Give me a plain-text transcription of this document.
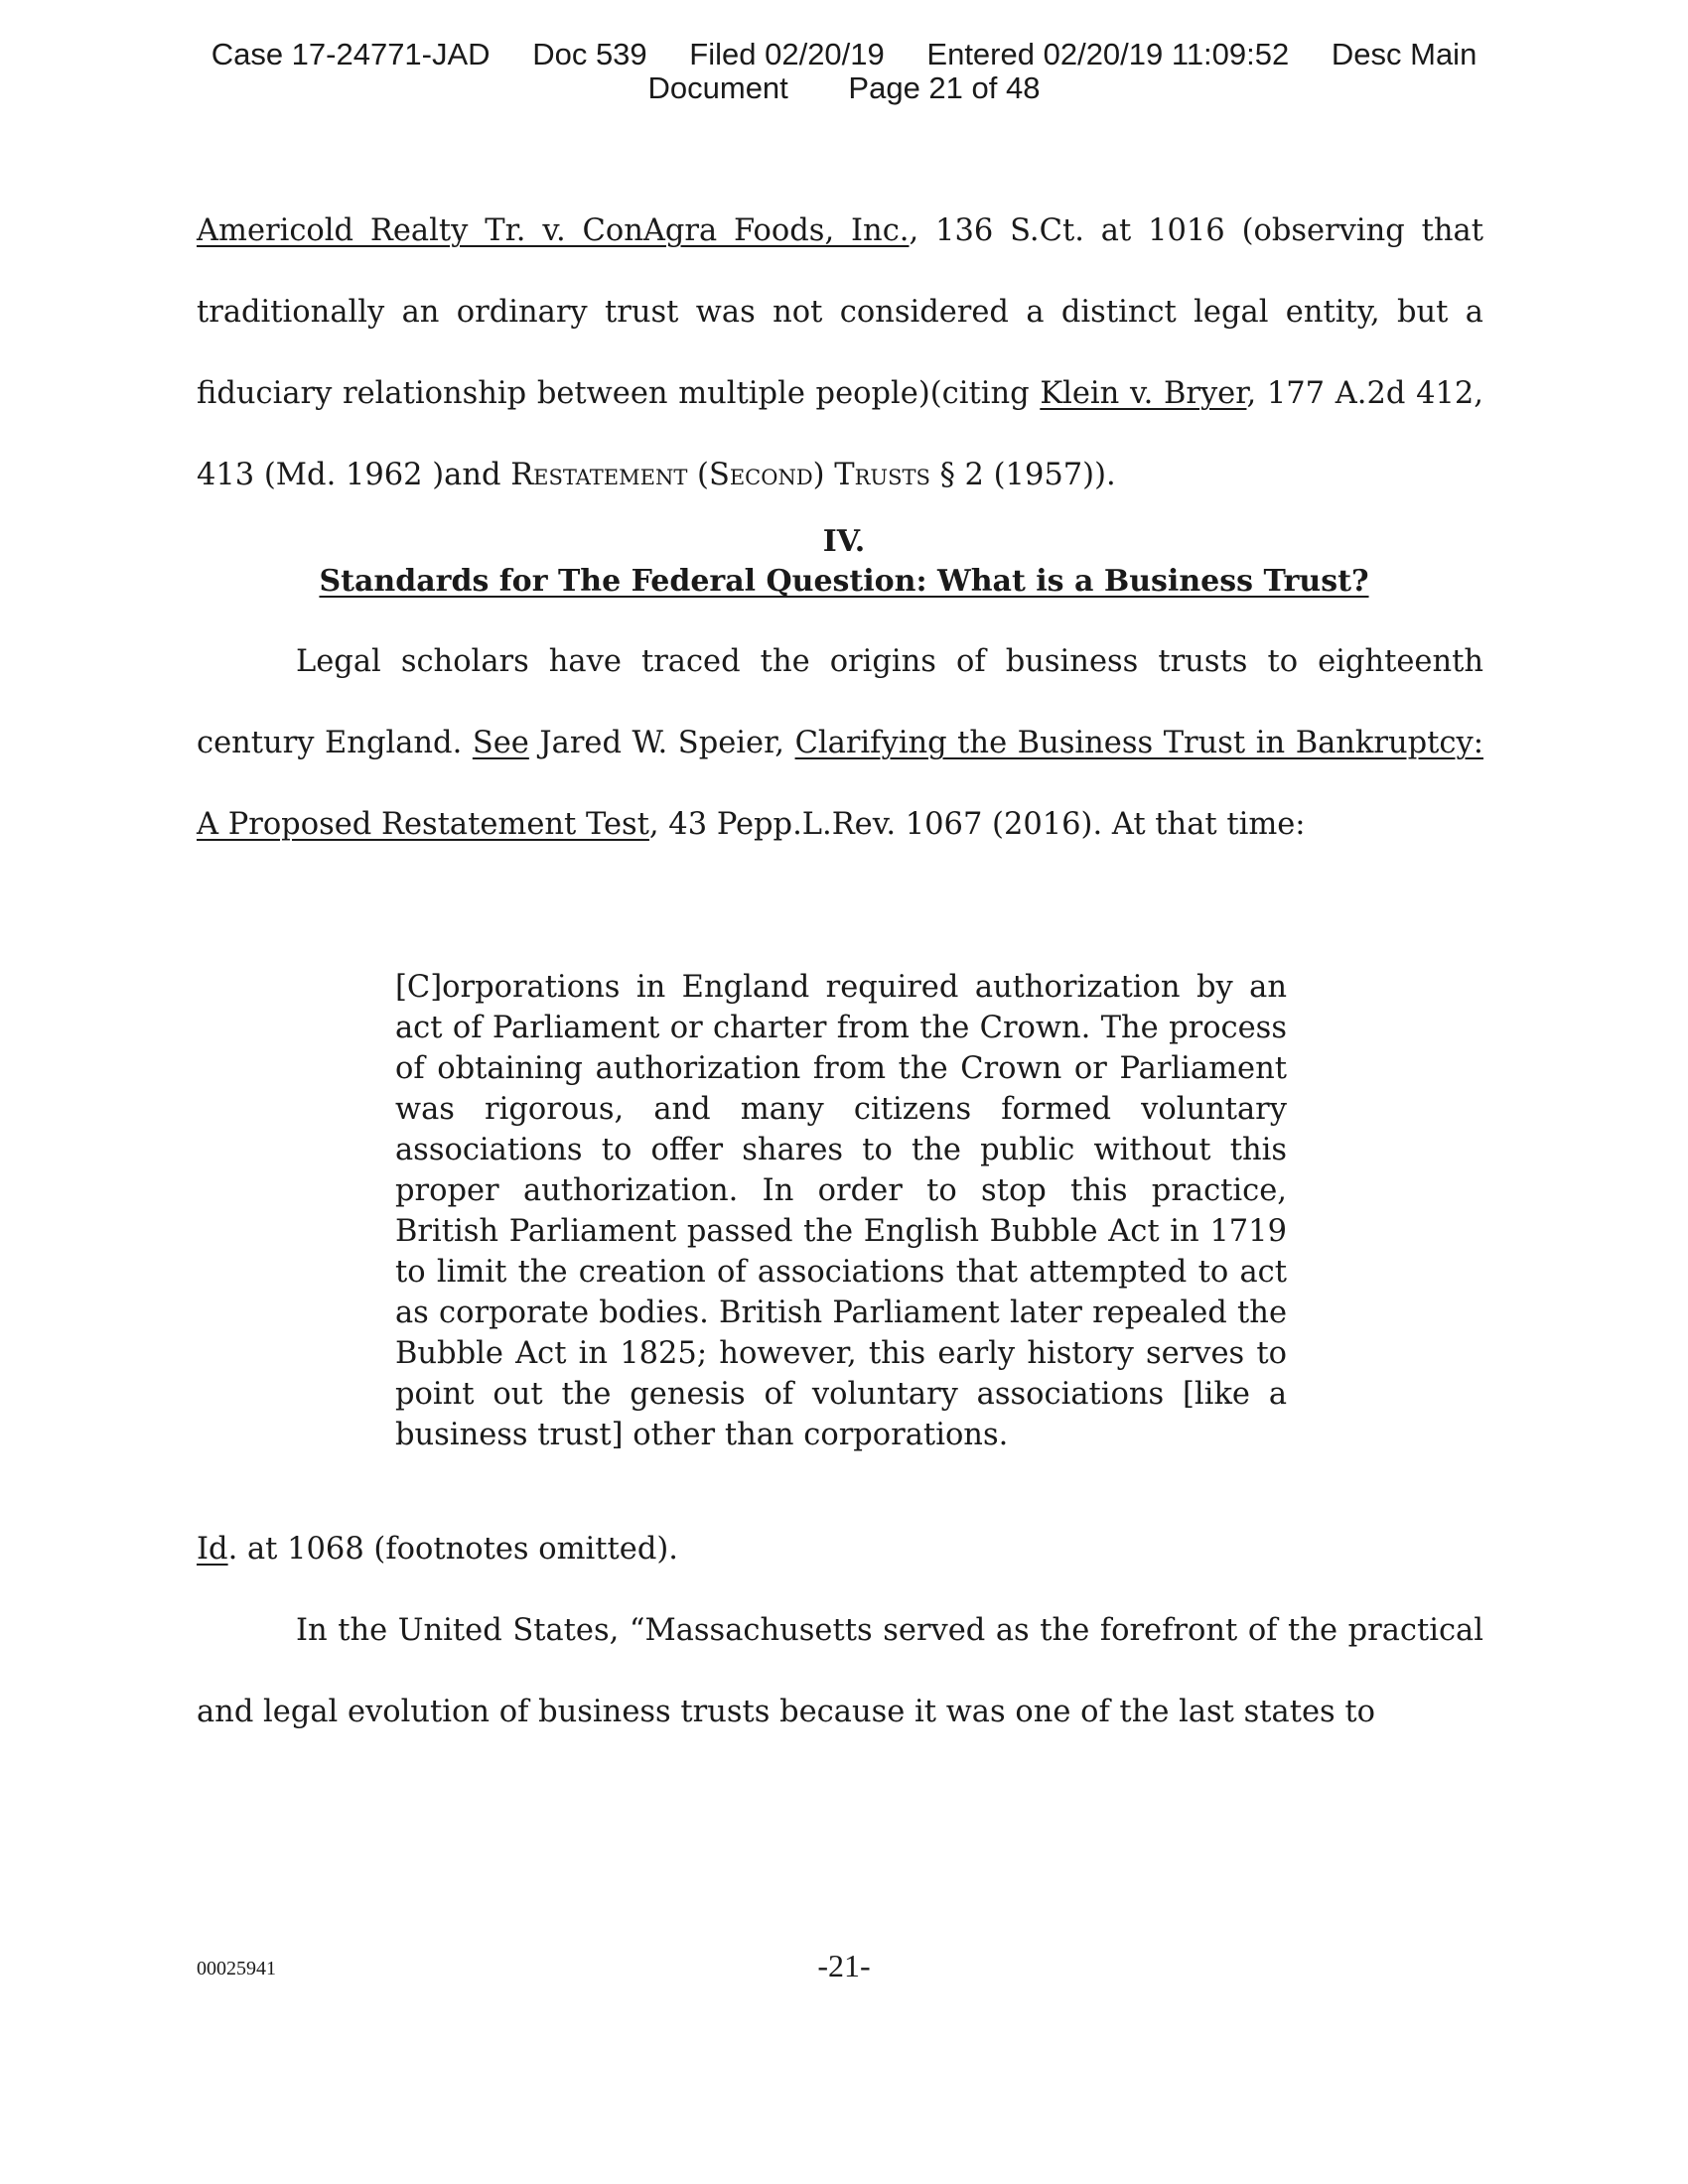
Case 17-24771-JAD Doc 539 Filed 02/20/19 Entered 02/20/19 11:09:52 Desc Main
Document Page 21 of 48

Americold Realty Tr. v. ConAgra Foods, Inc., 136 S.Ct. at 1016 (observing that traditionally an ordinary trust was not considered a distinct legal entity, but a fiduciary relationship between multiple people)(citing Klein v. Bryer, 177 A.2d 412, 413 (Md. 1962 )and Restatement (Second) Trusts § 2 (1957)).

IV.
Standards for The Federal Question: What is a Business Trust?

Legal scholars have traced the origins of business trusts to eighteenth century England. See Jared W. Speier, Clarifying the Business Trust in Bankruptcy: A Proposed Restatement Test, 43 Pepp.L.Rev. 1067 (2016). At that time:

[C]orporations in England required authorization by an act of Parliament or charter from the Crown. The process of obtaining authorization from the Crown or Parliament was rigorous, and many citizens formed voluntary associations to offer shares to the public without this proper authorization. In order to stop this practice, British Parliament passed the English Bubble Act in 1719 to limit the creation of associations that attempted to act as corporate bodies. British Parliament later repealed the Bubble Act in 1825; however, this early history serves to point out the genesis of voluntary associations [like a business trust] other than corporations.

Id. at 1068 (footnotes omitted).

In the United States, “Massachusetts served as the forefront of the practical and legal evolution of business trusts because it was one of the last states to

00025941	-21-
